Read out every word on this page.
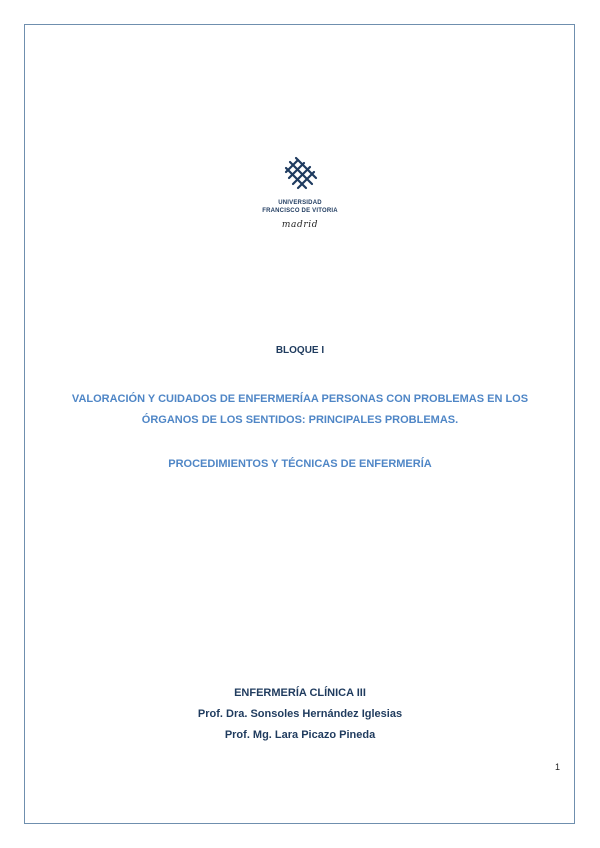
UNIVERSIDAD
FRANCISCO DE VITORIA
madrid
BLOQUE I
VALORACIÓN Y CUIDADOS DE ENFERMERÍAA PERSONAS CON PROBLEMAS EN LOS
ÓRGANOS DE LOS SENTIDOS: PRINCIPALES PROBLEMAS.
PROCEDIMIENTOS Y TÉCNICAS DE ENFERMERÍA
ENFERMERÍA CLÍNICA III
Prof. Dra. Sonsoles Hernández Iglesias
Prof. Mg. Lara Picazo Pineda
1
